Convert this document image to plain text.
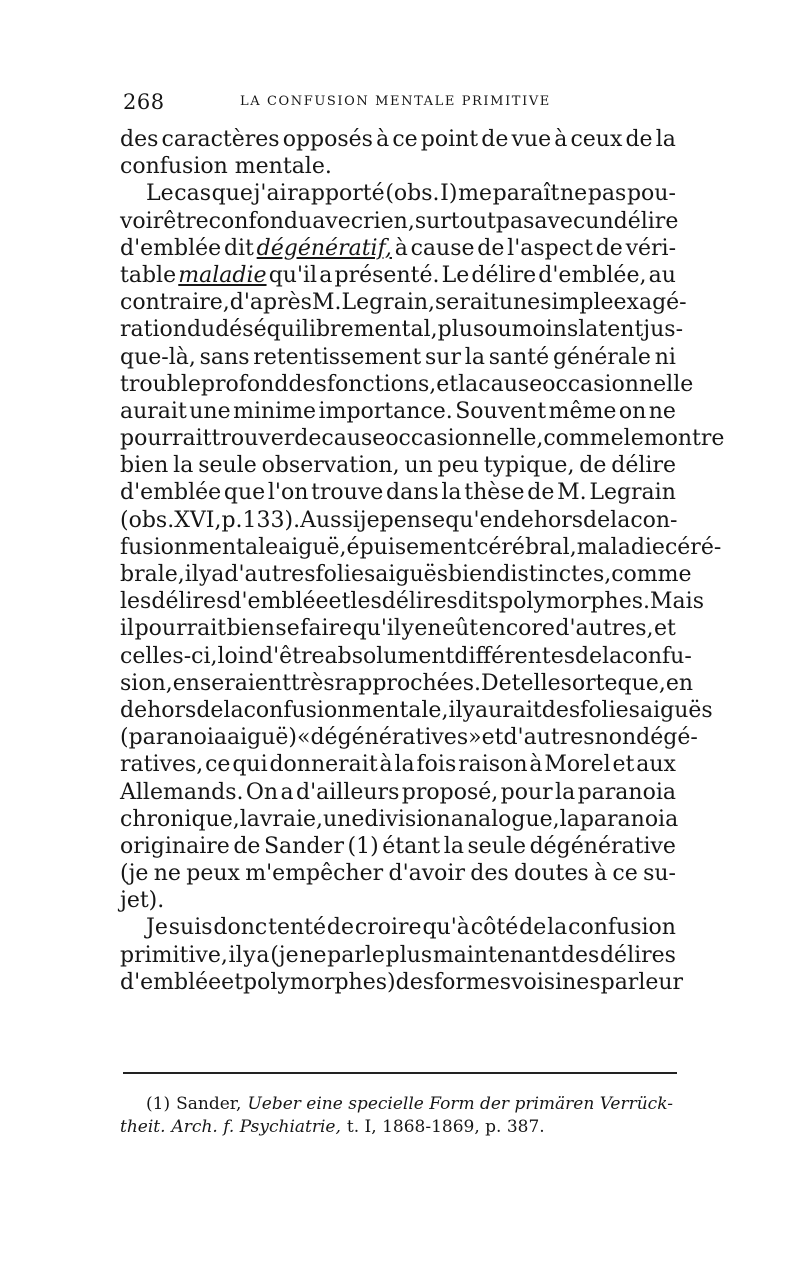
268	LA CONFUSION MENTALE PRIMITIVE
des caractères opposés à ce point de vue à ceux de la
confusion mentale.
Le cas que j'ai rapporté (obs. I) me paraît ne pas pou-
voir être confondu avec rien, surtout pas avec un délire
d'emblée dit dégénératif, à cause de l'aspect de véri-
table maladie qu'il a présenté. Le délire d'emblée, au
contraire, d'après M. Legrain, serait une simple exagé-
ration du déséquilibre mental, plus ou moins latent jus-
que-là, sans retentissement sur la santé générale ni
trouble profond des fonctions, et la cause occasionnelle
aurait une minime importance. Souvent même on ne
pourrait trouver de cause occasionnelle, comme le montre
bien la seule observation, un peu typique, de délire
d'emblée que l'on trouve dans la thèse de M. Legrain
(obs. XVI, p. 133). Aussi je pense qu'en dehors de la con-
fusion mentale aiguë, épuisement cérébral, maladie céré-
brale, il y a d'autres folies aiguës bien distinctes,comme
les délires d'emblée et les délires dits polymorphes. Mais
il pourrait bien se faire qu'il y en eût encore d'autres, et
celles-ci, loin d'être absolument différentes de la confu-
sion, en seraient très rapprochées. De telle sorte que, en
dehors de la confusion mentale, il y aurait des folies aiguës
(paranoia aiguë) « dégénératives » et d'autres non dégé-
ratives, ce qui donnerait à la fois raison à Morel et aux
Allemands. On a d'ailleurs proposé, pour la paranoia
chronique, la vraie, une division analogue, la paranoia
originaire de Sander (1) étant la seule dégénérative
(je ne peux m'empêcher d'avoir des doutes à ce su-
jet).
Je suis donc tenté de croire qu'à côté de la confusion
primitive, il y a (je ne parle plus maintenant des délires
d'emblée et polymorphes) des formes voisines par leur
(1) Sander, Ueber eine specielle Form der primären Verrück-
theit. Arch. f. Psychiatrie, t. I, 1868-1869, p. 387.
